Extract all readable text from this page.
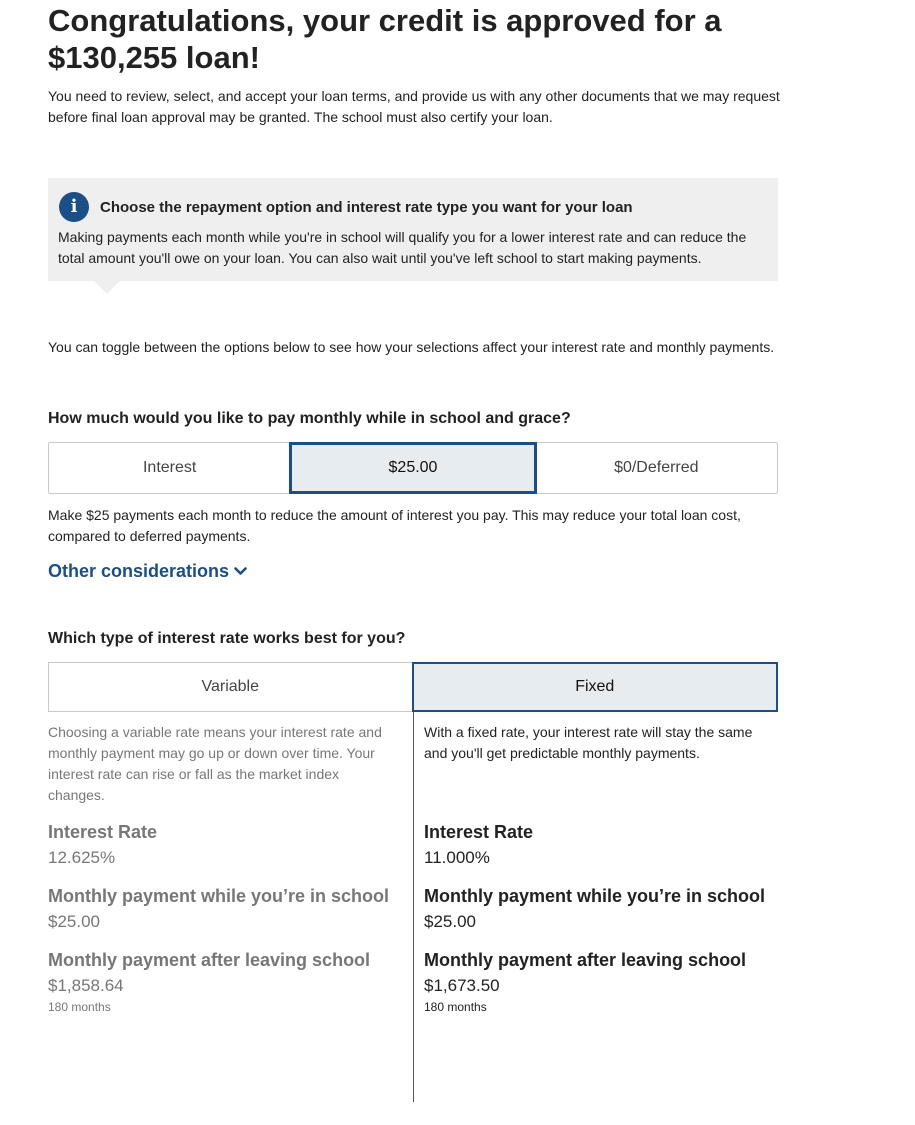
Congratulations, your credit is approved for a $130,255 loan!

You need to review, select, and accept your loan terms, and provide us with any other documents that we may request before final loan approval may be granted. The school must also certify your loan.

i	Choose the repayment option and interest rate type you want for your loan
Making payments each month while you're in school will qualify you for a lower interest rate and can reduce the total amount you'll owe on your loan. You can also wait until you've left school to start making payments.

You can toggle between the options below to see how your selections affect your interest rate and monthly payments.

How much would you like to pay monthly while in school and grace?
Interest	$25.00	$0/Deferred

Make $25 payments each month to reduce the amount of interest you pay. This may reduce your total loan cost, compared to deferred payments.

Other considerations
Which type of interest rate works best for you?
Variable	Fixed
Choosing a variable rate means your interest rate and monthly payment may go up or down over time. Your interest rate can rise or fall as the market index changes.
Interest Rate
12.625%
Monthly payment while you’re in school
$25.00
Monthly payment after leaving school
$1,858.64
180 months
With a fixed rate, your interest rate will stay the same and you'll get predictable monthly payments.
Interest Rate
11.000%
Monthly payment while you’re in school
$25.00
Monthly payment after leaving school
$1,673.50
180 months
